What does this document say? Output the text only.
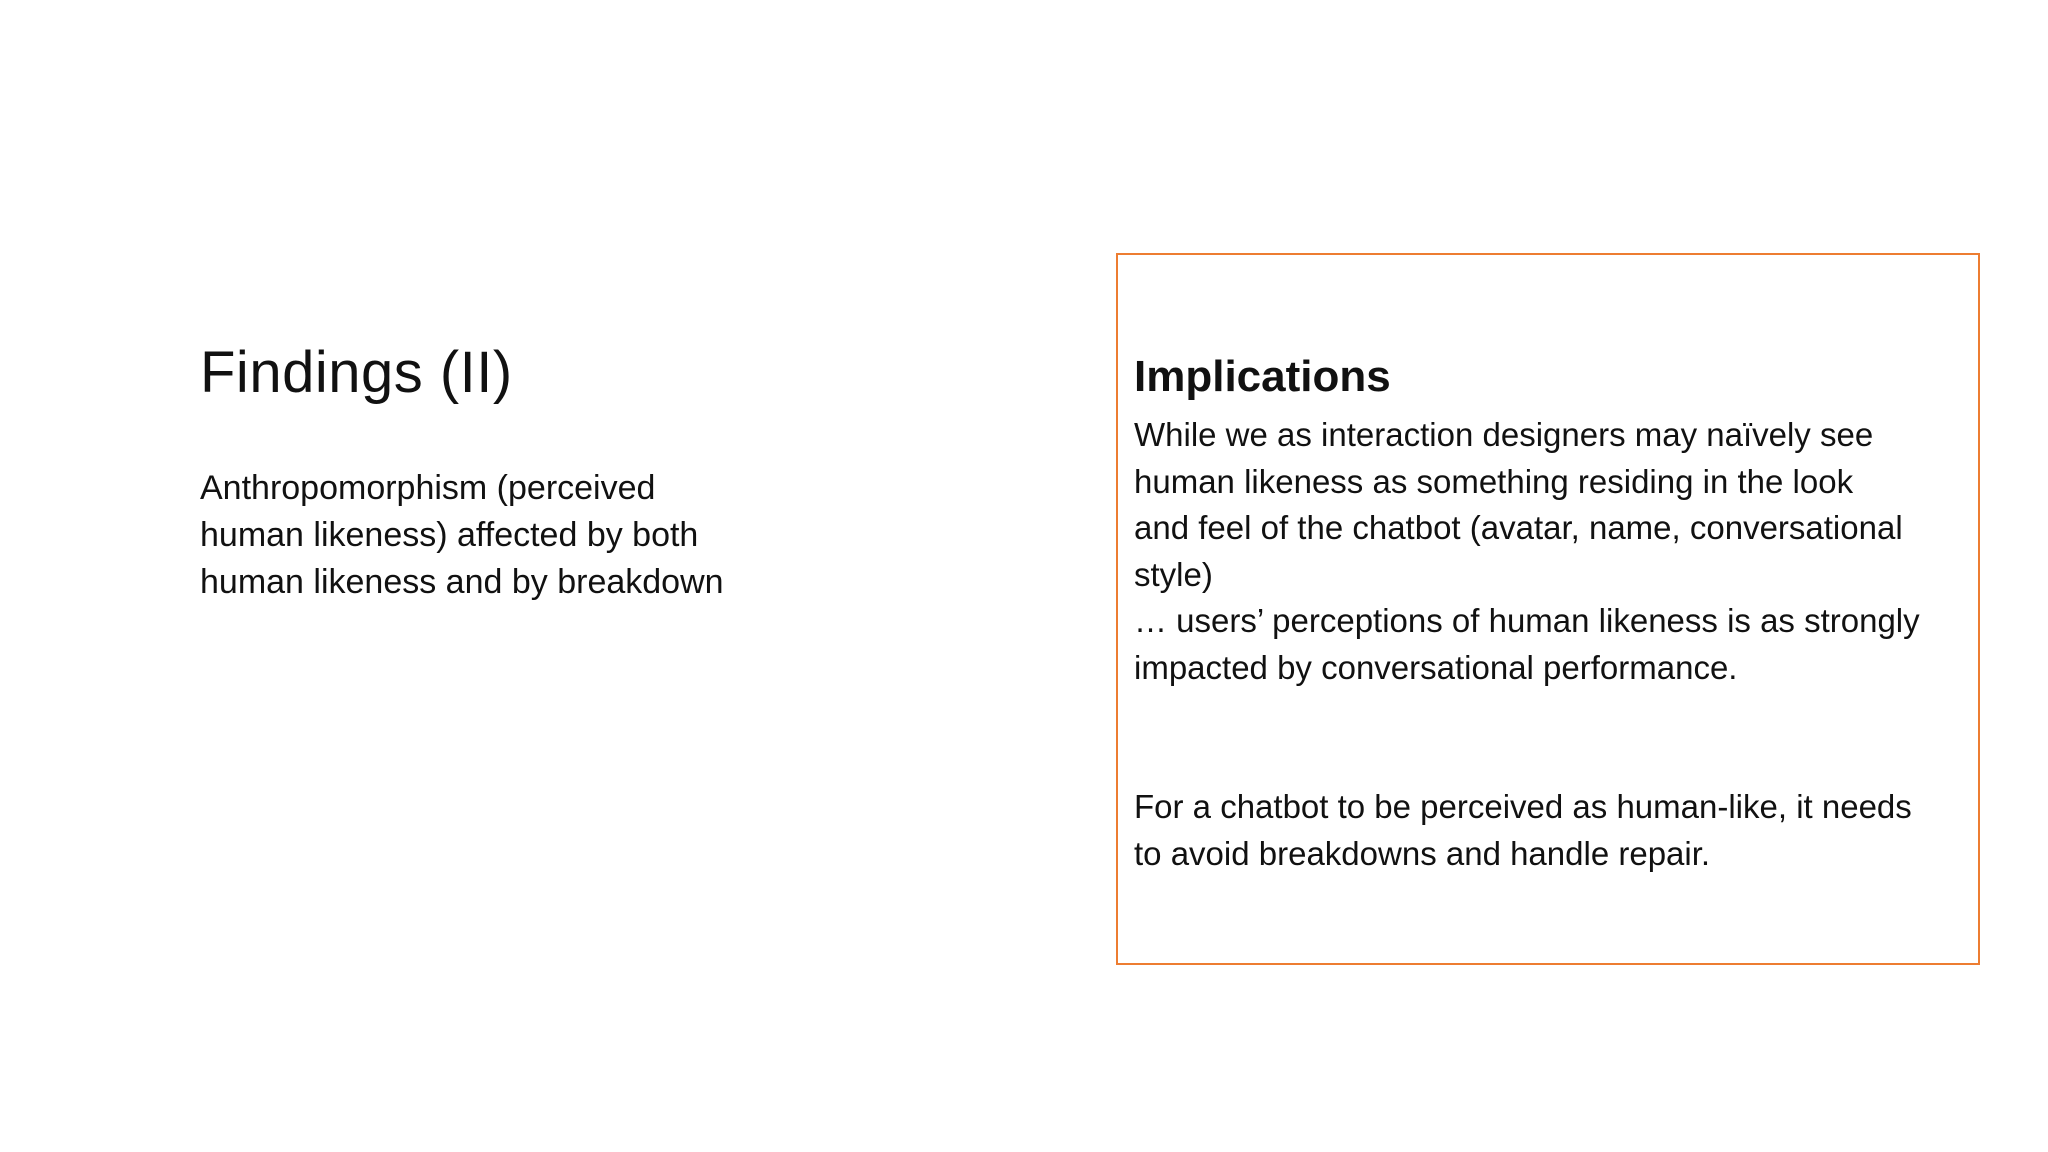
Findings (II)

Anthropomorphism (perceived
human likeness) affected by both
human likeness and by breakdown

Implications

While we as interaction designers may naïvely see
human likeness as something residing in the look
and feel of the chatbot (avatar, name, conversational
style)
… users’ perceptions of human likeness is as strongly
impacted by conversational performance.

For a chatbot to be perceived as human-like, it needs
to avoid breakdowns and handle repair.
